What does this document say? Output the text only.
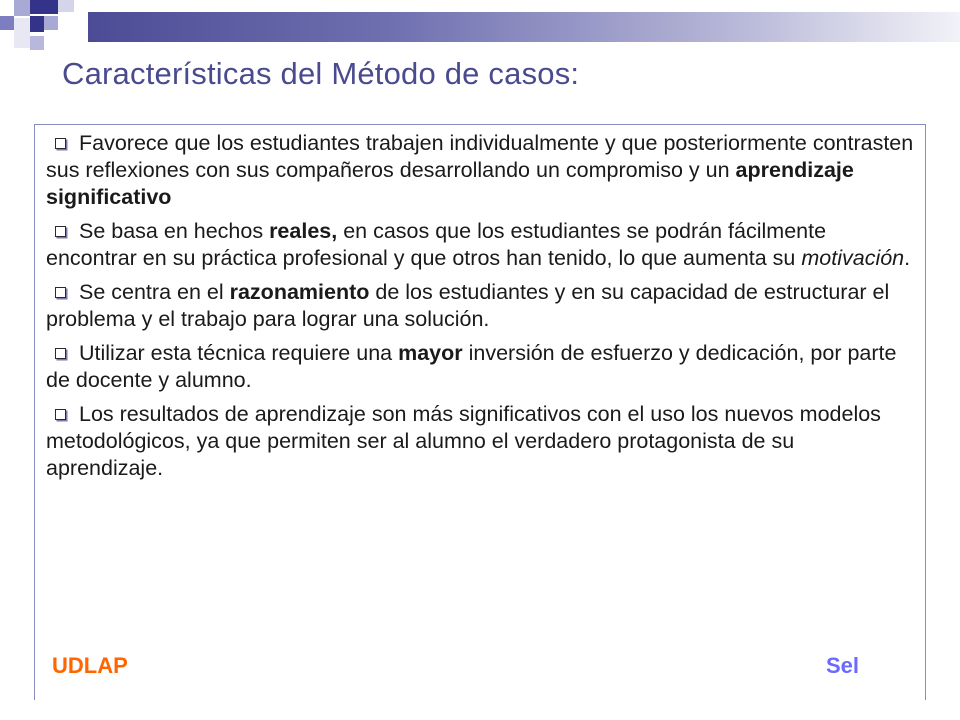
Características del Método de casos:
Favorece que los estudiantes trabajen individualmente y que posteriormente contrasten sus reflexiones con sus compañeros desarrollando un compromiso y un aprendizaje significativo
Se basa en hechos reales, en casos que los estudiantes se podrán fácilmente encontrar en su práctica profesional y que otros han tenido, lo que aumenta su motivación.
Se centra en el razonamiento de los estudiantes y en su capacidad de estructurar el problema y el trabajo para lograr una solución.
Utilizar esta técnica requiere una mayor inversión de esfuerzo y dedicación, por parte de docente y alumno.
Los resultados de aprendizaje son más significativos con el uso los nuevos modelos metodológicos, ya que permiten ser al alumno el verdadero protagonista de su aprendizaje.
UDLAP	Sel
